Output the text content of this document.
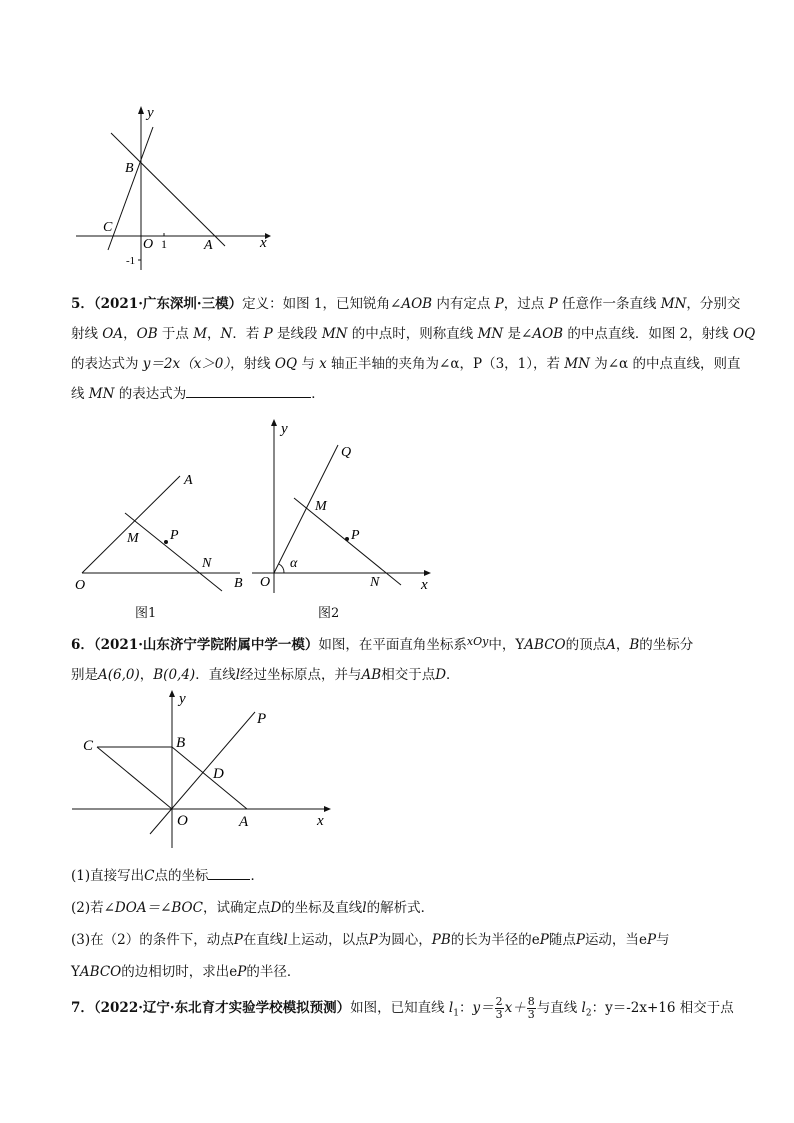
y
B
C
O 1	A	x
-1
5．（2021·广东深圳·三模）定义：如图 1，已知锐角∠AOB 内有定点 P，过点 P 任意作一条直线 MN，分别交
射线 OA，OB 于点 M，N．若 P 是线段 MN 的中点时，则称直线 MN 是∠AOB 的中点直线．如图 2，射线 OQ
的表达式为 y＝2x（x＞0），射线 OQ 与 x 轴正半轴的夹角为∠α，P（3，1），若 MN 为∠α 的中点直线，则直
线 MN 的表达式为	．
A
M P
N
O	B
图1
y
Q
M
P
α
O	N	x
图2
6．（2021·山东济宁学院附属中学一模）如图，在平面直角坐标系$^{xOy}$中，YABCO的顶点A，B的坐标分
别是A(6,0)，B(0,4)．直线l经过坐标原点，并与AB相交于点D．
y
P
C	B
D
O	A	x
(1)直接写出C点的坐标	．
(2)若∠DOA＝∠BOC，试确定点D的坐标及直线l的解析式．
(3)在（2）的条件下，动点P在直线l上运动，以点P为圆心，PB的长为半径的eP随点P运动，当eP与
YABCO的边相切时，求出eP的半径．
7．（2022·辽宁·东北育才实验学校模拟预测）如图，已知直线 $l_1$：$y= \frac{2}{3} x+ \frac{8}{3}$ 与直线 $l_2$：y＝-2x+16 相交于点
